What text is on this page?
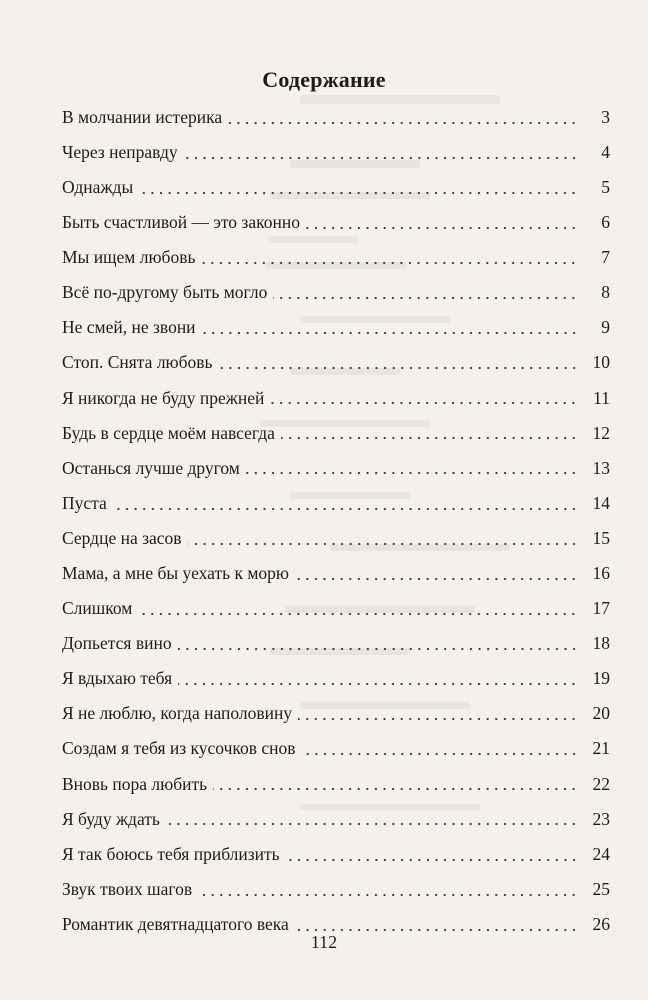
Содержание
В молчании истерика	3
Через неправду	4
Однажды	5
Быть счастливой — это законно	6
Мы ищем любовь	7
Всё по-другому быть могло	8
Не смей, не звони	9
Стоп. Снята любовь	10
Я никогда не буду прежней	11
Будь в сердце моём навсегда	12
Останься лучше другом	13
Пуста	14
Сердце на засов	15
Мама, а мне бы уехать к морю	16
Слишком	17
Допьется вино	18
Я вдыхаю тебя	19
Я не люблю, когда наполовину	20
Создам я тебя из кусочков снов	21
Вновь пора любить	22
Я буду ждать	23
Я так боюсь тебя приблизить	24
Звук твоих шагов	25
Романтик девятнадцатого века	26
112
